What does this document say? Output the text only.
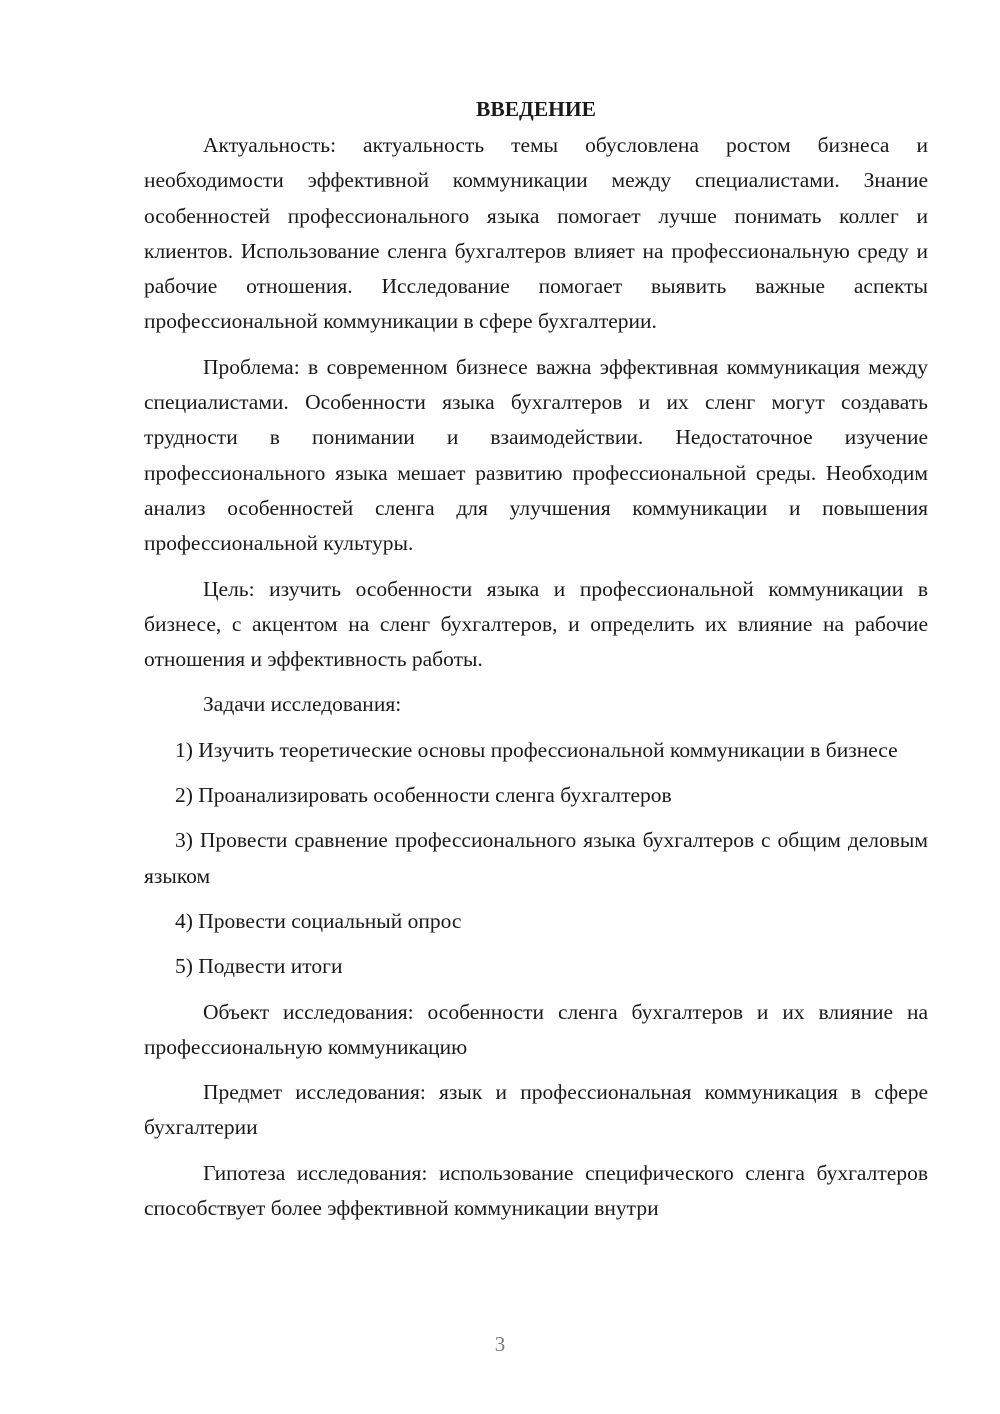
ВВЕДЕНИЕ

Актуальность: актуальность темы обусловлена ростом бизнеса и необходимости эффективной коммуникации между специалистами. Знание особенностей профессионального языка помогает лучше понимать коллег и клиентов. Использование сленга бухгалтеров влияет на профессиональную среду и рабочие отношения. Исследование помогает выявить важные аспекты профессиональной коммуникации в сфере бухгалтерии.

Проблема: в современном бизнесе важна эффективная коммуникация между специалистами. Особенности языка бухгалтеров и их сленг могут создавать трудности в понимании и взаимодействии. Недостаточное изучение профессионального языка мешает развитию профессиональной среды. Необходим анализ особенностей сленга для улучшения коммуникации и повышения профессиональной культуры.

Цель: изучить особенности языка и профессиональной коммуникации в бизнесе, с акцентом на сленг бухгалтеров, и определить их влияние на рабочие отношения и эффективность работы.

Задачи исследования:

1) Изучить теоретические основы профессиональной коммуникации в бизнесе

2) Проанализировать особенности сленга бухгалтеров

3) Провести сравнение профессионального языка бухгалтеров с общим деловым языком

4) Провести социальный опрос

5) Подвести итоги

Объект исследования: особенности сленга бухгалтеров и их влияние на профессиональную коммуникацию

Предмет исследования: язык и профессиональная коммуникация в сфере бухгалтерии

Гипотеза исследования: использование специфического сленга бухгалтеров способствует более эффективной коммуникации внутри

3
